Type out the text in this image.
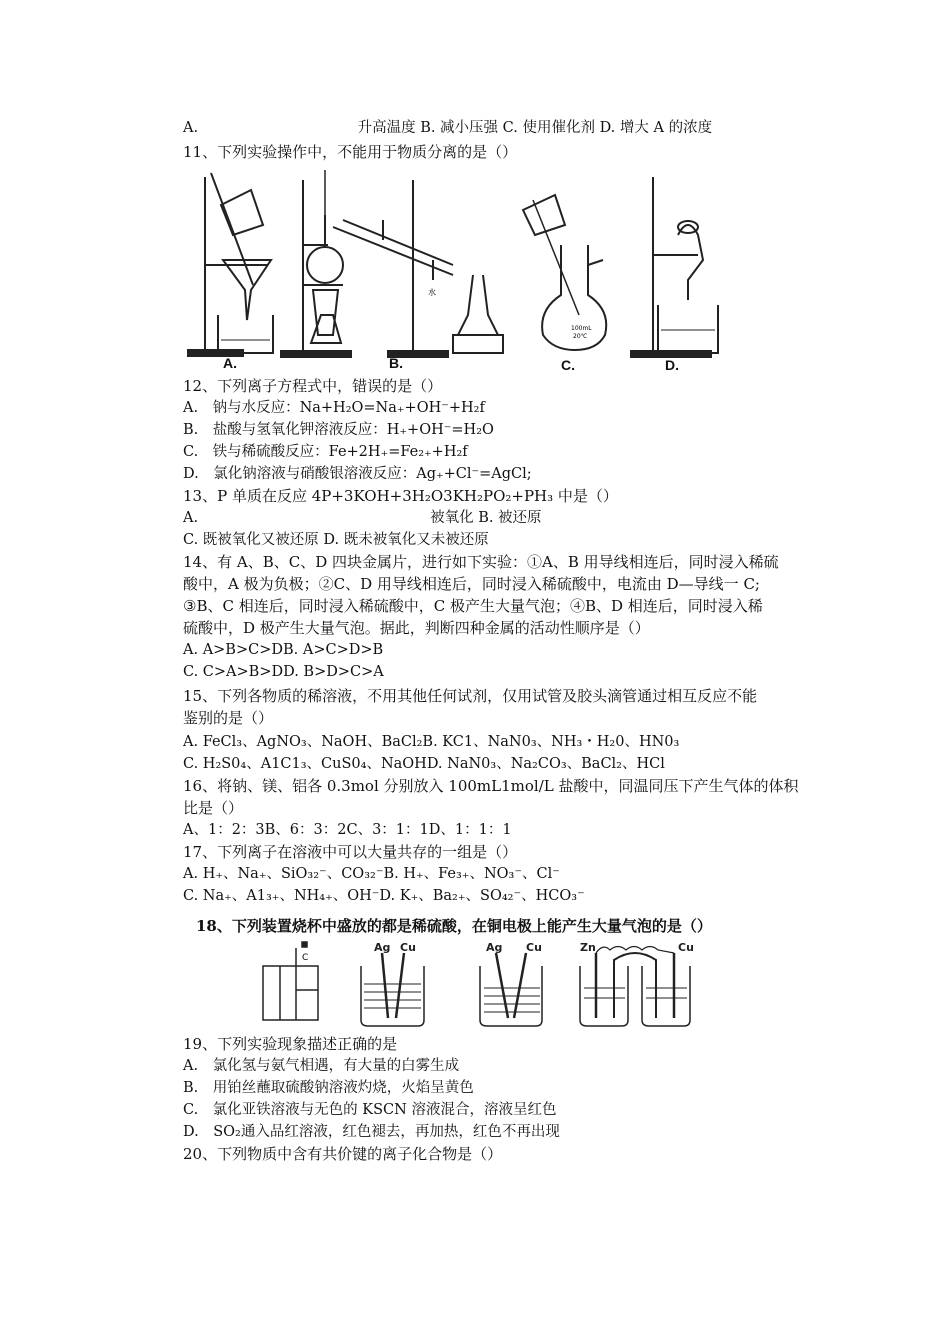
A.　　　　　　　　　　　升高温度 B. 减小压强 C. 使用催化剂 D. 增大 A 的浓度
11、下列实验操作中，不能用于物质分离的是（）
100mL
20℃
水
A.	B.	C.	D.
12、下列离子方程式中，错误的是（）
A.　钠与水反应：Na+H₂O=Na₊+OH⁻+H₂f
B.　盐酸与氢氧化钾溶液反应：H₊+OH⁻=H₂O
C.　铁与稀硫酸反应：Fe+2H₊=Fe₂₊+H₂f
D.　氯化钠溶液与硝酸银溶液反应：Ag₊+Cl⁻=AgCl;
13、P 单质在反应 4P+3KOH+3H₂O3KH₂PO₂+PH₃ 中是（）
A.　　　　　　　　　　　　　　　　被氧化 B. 被还原
C. 既被氧化又被还原 D. 既未被氧化又未被还原
14、有 A、B、C、D 四块金属片，进行如下实验：①A、B 用导线相连后，同时浸入稀硫
酸中，A 极为负极；②C、D 用导线相连后，同时浸入稀硫酸中，电流由 D—导线一 C;
③B、C 相连后，同时浸入稀硫酸中，C 极产生大量气泡；④B、D 相连后，同时浸入稀
硫酸中，D 极产生大量气泡。据此，判断四种金属的活动性顺序是（）
A. A>B>C>DB. A>C>D>B
C. C>A>B>DD. B>D>C>A
15、下列各物质的稀溶液，不用其他任何试剂，仅用试管及胶头滴管通过相互反应不能
鉴别的是（）
A. FeCl₃、AgNO₃、NaOH、BaCl₂B. KC1、NaN0₃、NH₃・H₂0、HN0₃
C. H₂S0₄、A1C1₃、CuS0₄、NaOHD. NaN0₃、Na₂CO₃、BaCl₂、HCl
16、将钠、镁、铝各 0.3mol 分别放入 100mL1mol/L 盐酸中，同温同压下产生气体的体积
比是（）
A、1：2：3B、6：3：2C、3：1：1D、1：1：1
17、下列离子在溶液中可以大量共存的一组是（）
A. H₊、Na₊、SiO₃₂⁻、CO₃₂⁻B. H₊、Fe₃₊、NO₃⁻、Cl⁻
C. Na₊、A1₃₊、NH₄₊、OH⁻D. K₊、Ba₂₊、SO₄₂⁻、HCO₃⁻
18、下列装置烧杯中盛放的都是稀硫酸，在铜电极上能产生大量气泡的是（）
C
Ag Cu	Ag Cu	Zn	Cu
19、下列实验现象描述正确的是
A.　氯化氢与氨气相遇，有大量的白雾生成
B.　用铂丝蘸取硫酸钠溶液灼烧，火焰呈黄色
C.　氯化亚铁溶液与无色的 KSCN 溶液混合，溶液呈红色
D.　SO₂通入品红溶液，红色褪去，再加热，红色不再出现
20、下列物质中含有共价键的离子化合物是（）
